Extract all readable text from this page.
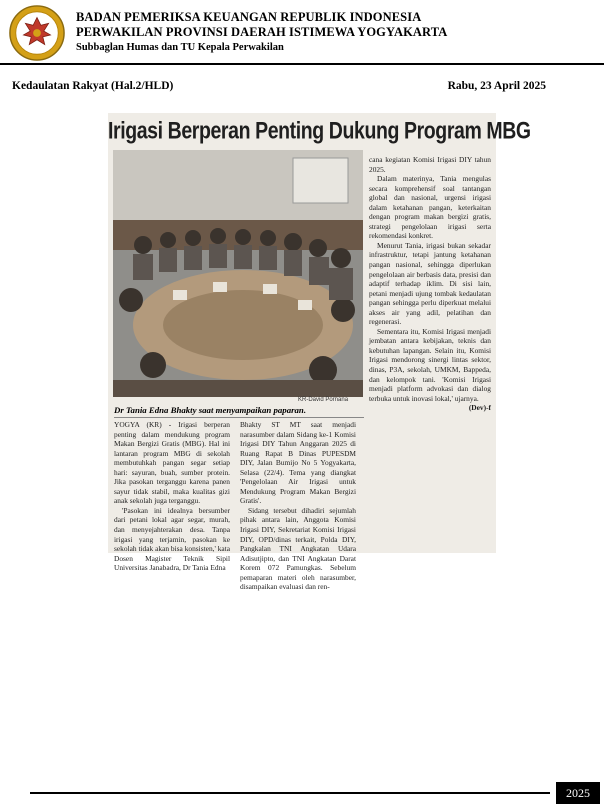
BADAN PEMERIKSA KEUANGAN REPUBLIK INDONESIA
PERWAKILAN PROVINSI DAERAH ISTIMEWA YOGYAKARTA
Subbaglan Humas dan TU Kepala Perwakilan
Kedaulatan Rakyat (Hal.2/HLD)	Rabu, 23 April 2025
Irigasi Berperan Penting Dukung Program MBG
KR-David Pornana
Dr Tania Edna Bhakty saat menyampaikan paparan.

YOGYA (KR) - Irigasi berperan penting dalam mendukung program Makan Bergizi Gratis (MBG). Hal ini lantaran program MBG di sekolah membutuhkah pangan segar setiap hari: sayuran, buah, sumber protein. Jika pasokan terganggu karena panen sayur tidak stabil, maka kualitas gizi anak sekolah juga terganggu.

'Pasokan ini idealnya bersumber dari petani lokal agar segar, murah, dan menyejahterakan desa. Tanpa irigasi yang terjamin, pasokan ke sekolah tidak akan bisa konsisten,' kata Dosen Magister Teknik Sipil Universitas Janabadra, Dr Tania Edna

Bhakty ST MT saat menjadi narasumber dalam Sidang ke-1 Komisi Irigasi DIY Tahun Anggaran 2025 di Ruang Rapat B Dinas PUPESDM DIY, Jalan Bumijo No 5 Yogyakarta, Selasa (22/4). Tema yang diangkat 'Pengelolaan Air Irigasi untuk Mendukung Program Makan Bergizi Gratis'.

Sidang tersebut dihadiri sejumlah pihak antara lain, Anggota Komisi Irigasi DIY, Sekretariat Komisi Irigasi DIY, OPD/dinas terkait, Polda DIY, Pangkalan TNI Angkatan Udara Adisutjipto, dan TNI Angkatan Darat Korem 072 Pamungkas. Sebelum pemaparan materi oleh narasumber, disampaikan evaluasi dan ren-

cana kegiatan Komisi Irigasi DIY tahun 2025.

Dalam materinya, Tania mengulas secara komprehensif soal tantangan global dan nasional, urgensi irigasi dalam ketahanan pangan, keterkaitan dengan program makan bergizi gratis, strategi pengelolaan irigasi serta rekomendasi konkret.

Menurut Tania, irigasi bukan sekadar infrastruktur, tetapi jantung ketahanan pangan nasional, sehingga diperlukan pengelolaan air berbasis data, presisi dan adaptif terhadap iklim. Di sisi lain, petani menjadi ujung tombak kedaulatan pangan sehingga perlu diperkuat melalui akses air yang adil, pelatihan dan regenerasi.

Sementara itu, Komisi Irigasi menjadi jembatan antara kebijakan, teknis dan kebutuhan lapangan. Selain itu, Komisi Irigasi mendorong sinergi lintas sektor, dinas, P3A, sekolah, UMKM, Bappeda, dan kelompok tani. 'Komisi Irigasi menjadi platform advokasi dan dialog terbuka untuk inovasi lokal,' ujarnya.

(Dev)-f
2025
